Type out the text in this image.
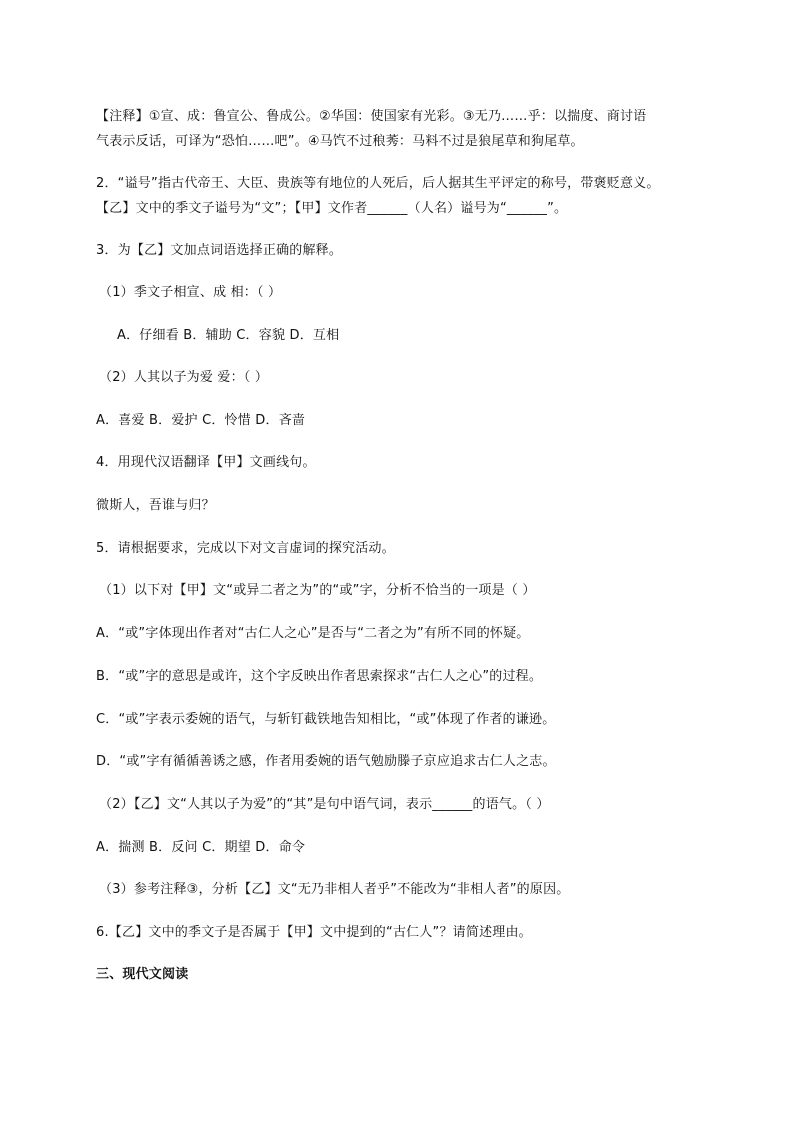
【注释】①宣、成：鲁宣公、鲁成公。②华国：使国家有光彩。③无乃……乎：以揣度、商讨语
气表示反话，可译为“恐怕……吧”。④马饩不过稂莠：马料不过是狼尾草和狗尾草。
2．“谥号”指古代帝王、大臣、贵族等有地位的人死后，后人据其生平评定的称号，带褒贬意义。
【乙】文中的季文子谥号为“文”；【甲】文作者______（人名）谥号为“______”。
3．为【乙】文加点词语选择正确的解释。
（1）季文子相宣、成 相：（ ）
A．仔细看 B．辅助 C．容貌 D．互相
（2）人其以子为爱 爱：（ ）
A．喜爱 B．爱护 C．怜惜 D．吝啬
4．用现代汉语翻译【甲】文画线句。
微斯人，吾谁与归？
5．请根据要求，完成以下对文言虚词的探究活动。
（1）以下对【甲】文“或异二者之为”的“或”字，分析不恰当的一项是（ ）
A．“或”字体现出作者对“古仁人之心”是否与“二者之为”有所不同的怀疑。
B．“或”字的意思是或许，这个字反映出作者思索探求“古仁人之心”的过程。
C．“或”字表示委婉的语气，与斩钉截铁地告知相比，“或”体现了作者的谦逊。
D．“或”字有循循善诱之感，作者用委婉的语气勉励滕子京应追求古仁人之志。
（2）【乙】文“人其以子为爱”的“其”是句中语气词，表示______的语气。（ ）
A．揣测 B．反问 C．期望 D．命令
（3）参考注释③，分析【乙】文“无乃非相人者乎”不能改为“非相人者”的原因。
6.【乙】文中的季文子是否属于【甲】文中提到的“古仁人”？请简述理由。
三、现代文阅读
